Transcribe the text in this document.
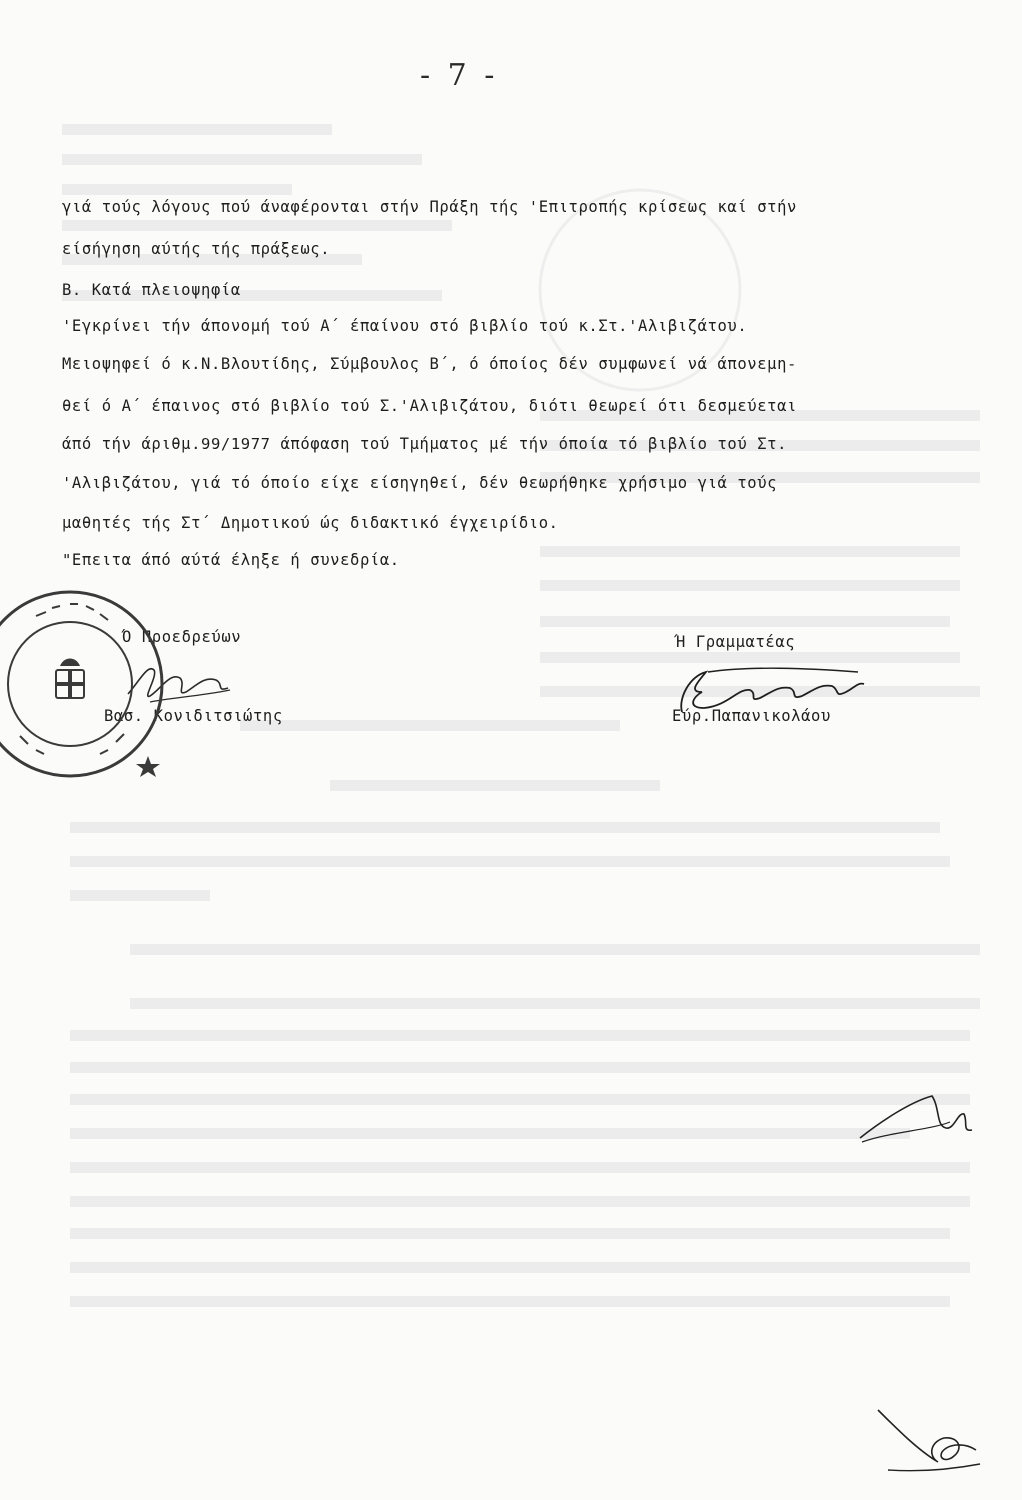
- 7 -
γιά τούς λόγους πού άναφέρονται στήν Πράξη τής 'Επιτροπής κρίσεως καί στήν
είσήγηση αύτής τής πράξεως.
Β. Κατά πλειοψηφία
'Εγκρίνει τήν άπονομή τού Α΄ έπαίνου στό βιβλίο τού κ.Στ.'Αλιβιζάτου.
Μειοψηφεί ό κ.Ν.Βλουτίδης, Σύμβουλος Β΄, ό όποίος δέν συμφωνεί νά άπονεμη-
θεί ό Α΄ έπαινος στό βιβλίο τού Σ.'Αλιβιζάτου, διότι θεωρεί ότι δεσμεύεται
άπό τήν άριθμ.99/1977 άπόφαση τού Τμήματος μέ τήν όποία τό βιβλίο τού Στ.
'Αλιβιζάτου, γιά τό όποίο είχε είσηγηθεί, δέν θεωρήθηκε χρήσιμο γιά τούς
μαθητές τής Στ΄ Δημοτικού ώς διδακτικό έγχειρίδιο.
"Επειτα άπό αύτά έληξε ή συνεδρία.
Ό Προεδρεύων
Βασ. Κονιδιτσιώτης
Ή Γραμματέας
Εύρ.Παπανικολάου
